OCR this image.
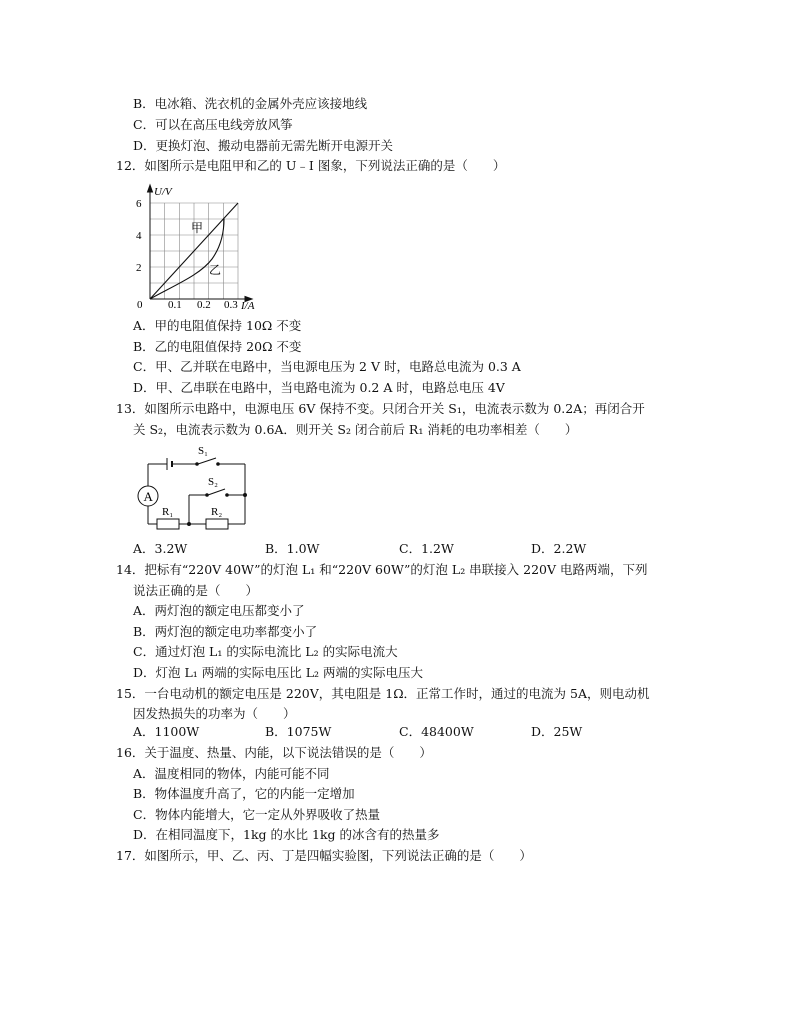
B．电冰箱、洗衣机的金属外壳应该接地线
C．可以在高压电线旁放风筝
D．更换灯泡、搬动电器前无需先断开电源开关
12．如图所示是电阻甲和乙的 U﹣I 图象，下列说法正确的是（　　）
U/V
I/A
6
4
2
0 0.1 0.2 0.3
甲
乙
A．甲的电阻值保持 10Ω 不变
B．乙的电阻值保持 20Ω 不变
C．甲、乙并联在电路中，当电源电压为 2 V 时，电路总电流为 0.3 A
D．甲、乙串联在电路中，当电路电流为 0.2 A 时，电路总电压 4V
13．如图所示电路中，电源电压 6V 保持不变。只闭合开关 S₁，电流表示数为 0.2A；再闭合开
关 S₂，电流表示数为 0.6A．则开关 S₂ 闭合前后 R₁ 消耗的电功率相差（　　）
A
S₁
S₂
R₁	R₂
A．3.2W	B．1.0W	C．1.2W	D．2.2W
14．把标有“220V 40W”的灯泡 L₁ 和“220V 60W”的灯泡 L₂ 串联接入 220V 电路两端，下列
说法正确的是（　　）
A．两灯泡的额定电压都变小了
B．两灯泡的额定电功率都变小了
C．通过灯泡 L₁ 的实际电流比 L₂ 的实际电流大
D．灯泡 L₁ 两端的实际电压比 L₂ 两端的实际电压大
15．一台电动机的额定电压是 220V，其电阻是 1Ω．正常工作时，通过的电流为 5A，则电动机
因发热损失的功率为（　　）
A．1100W	B．1075W	C．48400W	D．25W
16．关于温度、热量、内能，以下说法错误的是（　　）
A．温度相同的物体，内能可能不同
B．物体温度升高了，它的内能一定增加
C．物体内能增大，它一定从外界吸收了热量
D．在相同温度下，1kg 的水比 1kg 的冰含有的热量多
17．如图所示，甲、乙、丙、丁是四幅实验图，下列说法正确的是（　　）
